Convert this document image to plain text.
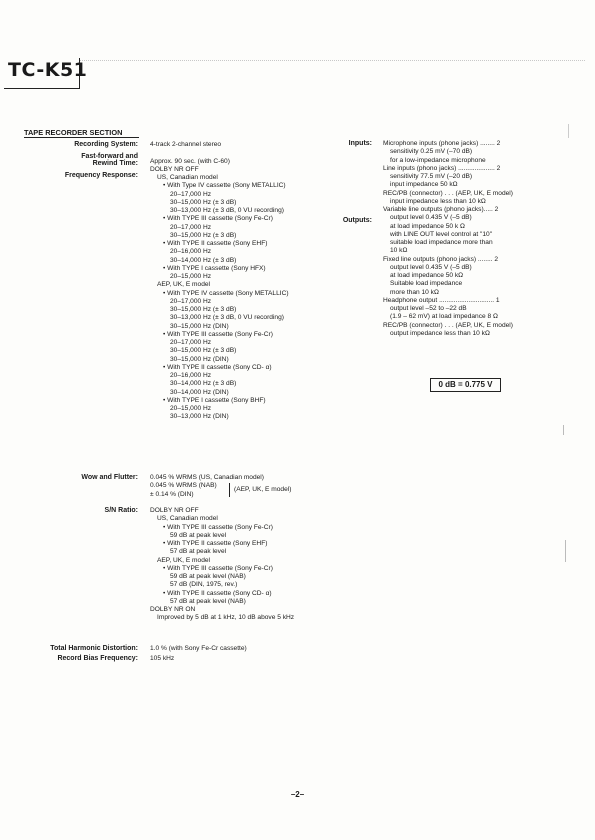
TC-K51
TAPE RECORDER SECTION
Recording System:
Fast-forward and
Rewind Time:
Frequency Response:
Wow and Flutter:
S/N Ratio:
Total Harmonic Distortion:
Record Bias Frequency:
4-track 2-channel stereo
Approx. 90 sec. (with C-60)
DOLBY NR OFF
US, Canadian model
• With Type IV cassette (Sony METALLIC)
20–17,000 Hz
30–15,000 Hz (± 3 dB)
30–13,000 Hz (± 3 dB, 0 VU recording)
• With TYPE III cassette (Sony Fe-Cr)
20–17,000 Hz
30–15,000 Hz (± 3 dB)
• With TYPE II cassette (Sony EHF)
20–16,000 Hz
30–14,000 Hz (± 3 dB)
• With TYPE I cassette (Sony HFX)
20–15,000 Hz
AEP, UK, E model
• With TYPE IV cassette (Sony METALLIC)
20–17,000 Hz
30–15,000 Hz (± 3 dB)
30–13,000 Hz (± 3 dB, 0 VU recording)
30–15,000 Hz (DIN)
• With TYPE III cassette (Sony Fe-Cr)
20–17,000 Hz
30–15,000 Hz (± 3 dB)
30–15,000 Hz (DIN)
• With TYPE II cassette (Sony CD- α)
20–16,000 Hz
30–14,000 Hz (± 3 dB)
30–14,000 Hz (DIN)
• With TYPE I cassette (Sony BHF)
20–15,000 Hz
30–13,000 Hz (DIN)
0.045 % WRMS (US, Canadian model)
0.045 % WRMS (NAB)
± 0.14 % (DIN)
(AEP, UK, E model)
DOLBY NR OFF
US, Canadian model
• With TYPE III cassette (Sony Fe-Cr)
59 dB at peak level
• With TYPE II cassette (Sony EHF)
57 dB at peak level
AEP, UK, E model
• With TYPE III cassette (Sony Fe-Cr)
59 dB at peak level (NAB)
57 dB (DIN, 1975, rev.)
• With TYPE II cassette (Sony CD- α)
57 dB at peak level (NAB)
DOLBY NR ON
Improved by 5 dB at 1 kHz, 10 dB above 5 kHz
1.0 % (with Sony Fe-Cr cassette)
105 kHz
Inputs:
Outputs:
Microphone inputs (phone jacks) ........ 2
sensitivity 0.25 mV (–70 dB)
for a low-impedance microphone
Line inputs (phono jacks) .................... 2
sensitivity 77.5 mV (–20 dB)
input impedance 50 kΩ
REC/PB (connector) . . . (AEP, UK, E model)
input impedance less than 10 kΩ
Variable line outputs (phono jacks)..... 2
output level 0.435 V (–5 dB)
at load impedance 50 k Ω
with LINE OUT level control at "10"
suitable load impedance more than
10 kΩ
Fixed line outputs (phono jacks) ........ 2
output level 0.435 V (–5 dB)
at load impedance 50 kΩ
Suitable load impedance
more than 10 kΩ
Headphone output .............................. 1
output level –52 to –22 dB
(1.9 – 62 mV) at load impedance 8 Ω
REC/PB (connector) . . . (AEP, UK, E model)
output impedance less than 10 kΩ
0 dB = 0.775 V
–2–
